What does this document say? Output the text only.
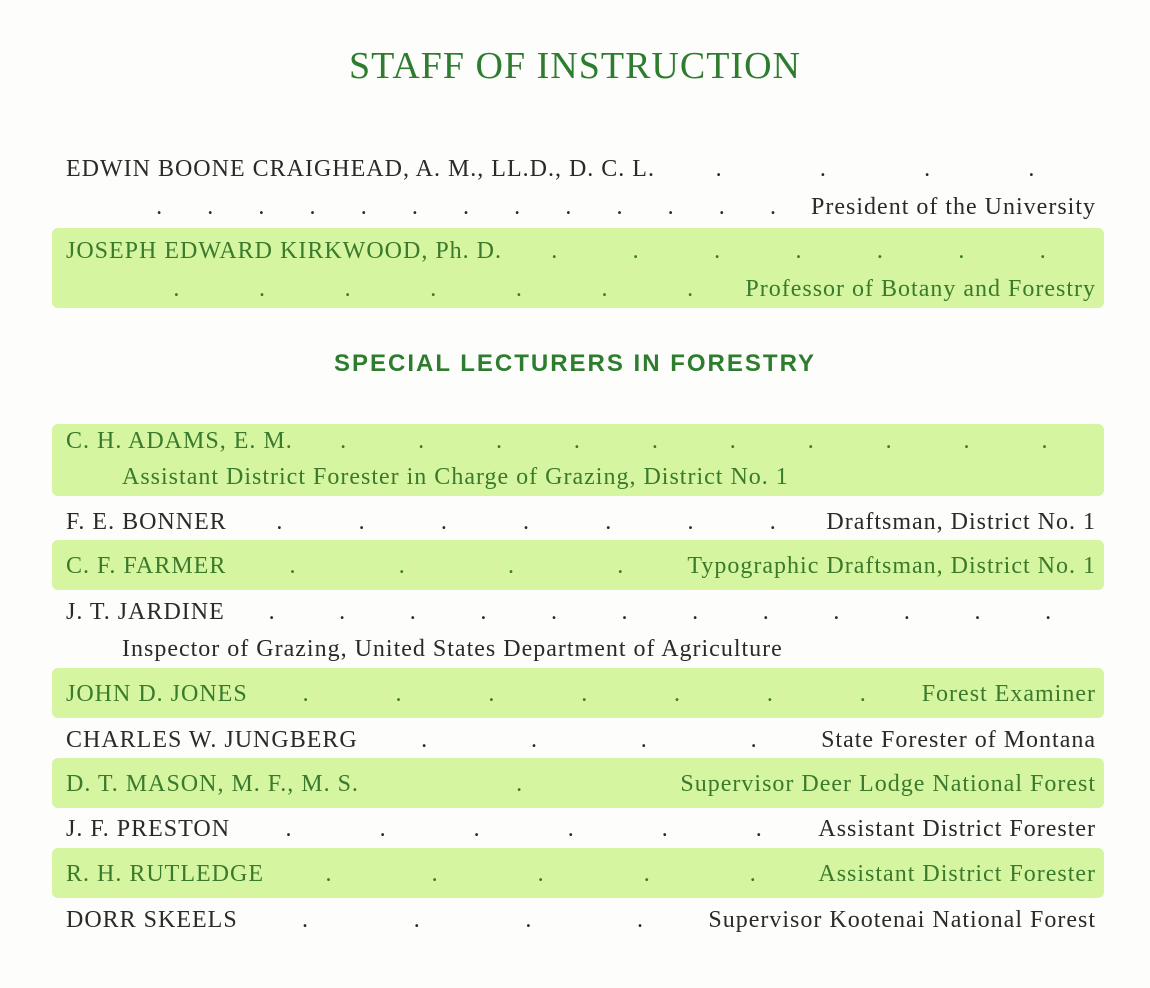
STAFF OF INSTRUCTION
EDWIN BOONE CRAIGHEAD, A. M., LL.D., D. C. L.	.	.	.	.
. . . . . . . . . . . . . President of the University
JOSEPH EDWARD KIRKWOOD, Ph. D. .	.	.	.	.	.	.
.	.	.	.	.	.	. Professor of Botany and Forestry
SPECIAL LECTURERS IN FORESTRY
C. H. ADAMS, E. M. .	.	.	.	.	.	.	.	.	.
Assistant District Forester in Charge of Grazing, District No. 1
F. E. BONNER .	.	.	.	.	.	. Draftsman, District No. 1
C. F. FARMER	.	.	.	.	Typographic Draftsman, District No. 1
J. T. JARDINE .	.	.	.	.	.	.	.	.	.	.	.
Inspector of Grazing, United States Department of Agriculture
JOHN D. JONES .	.	.	.	.	.	. Forest Examiner
CHARLES W. JUNGBERG	.	.	.	.	State Forester of Montana
D. T. MASON, M. F., M. S.	.	Supervisor Deer Lodge National Forest
J. F. PRESTON .	.	.	.	.	. Assistant District Forester
R. H. RUTLEDGE	.	.	.	.	.	Assistant District Forester
DORR SKEELS	.	.	.	.	Supervisor Kootenai National Forest
